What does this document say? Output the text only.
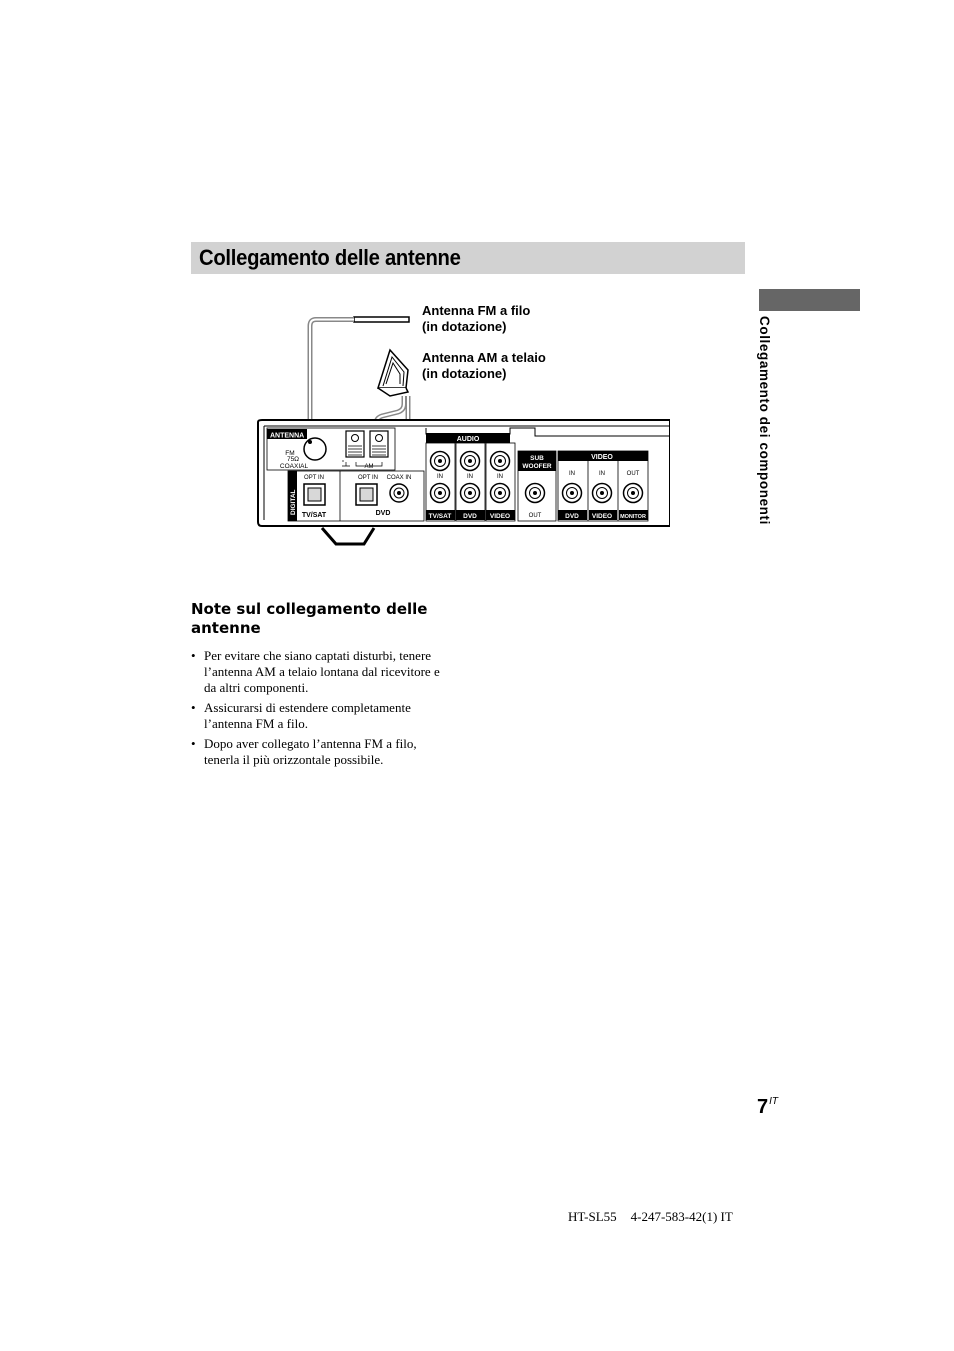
Collegamento delle antenne
Collegamento dei componenti
Antenna FM a filo
(in dotazione)
Antenna AM a telaio
(in dotazione)
ANTENNA
FM
75Ω
COAXIAL	AM
DIGITAL
OPT IN
TV/SAT
OPT IN COAX IN
DVD
AUDIO
IN	IN	IN
TV/SAT DVD VIDEO
SUB
WOOFER
OUT
VIDEO
IN	IN	OUT
DVD VIDEO MONITOR
Note sul collegamento delle
antenne
• Per evitare che siano captati disturbi, tenere l’antenna AM a telaio lontana dal ricevitore e da altri componenti.
• Assicurarsi di estendere completamente l’antenna FM a filo.
• Dopo aver collegato l’antenna FM a filo, tenerla il più orizzontale possibile.
$7^{IT}$
HT-SL55 4-247-583-42(1) IT
